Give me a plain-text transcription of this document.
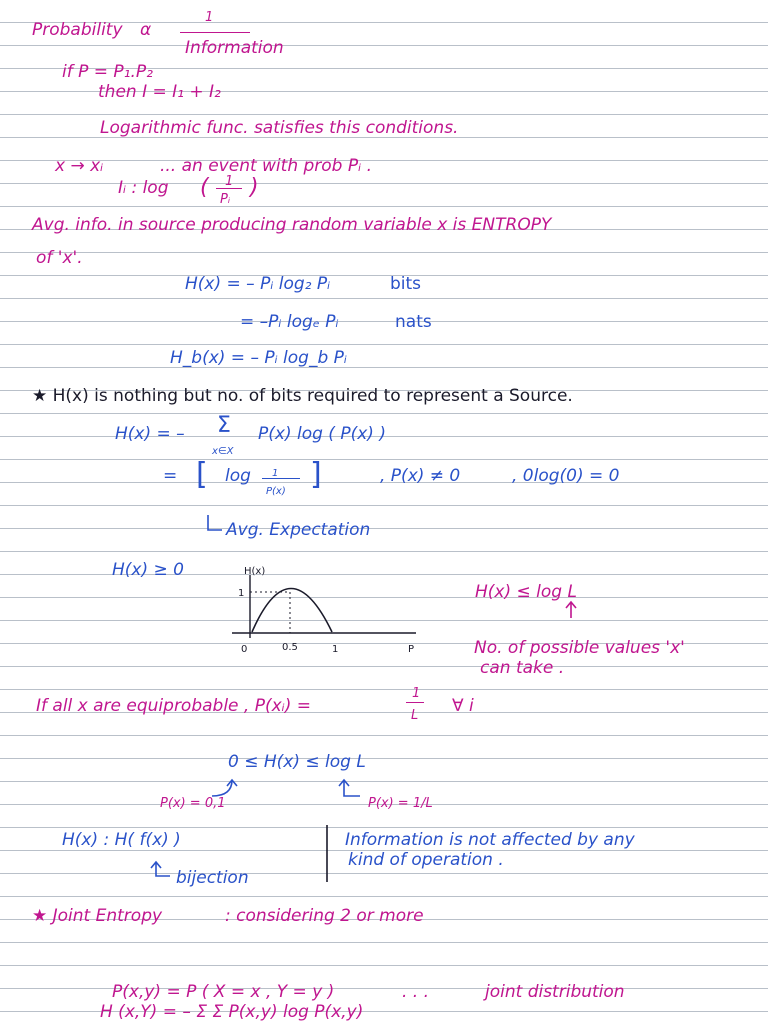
Probability α
1
Information
if P = P₁.P₂
then I = I₁ + I₂
Logarithmic func. satisfies this conditions.
x → xᵢ	... an event with prob Pᵢ .
Iᵢ : log ( 1
Pᵢ )
Avg. info. in source producing random variable x is ENTROPY
of 'x'.
H(x) = – Pᵢ log₂ Pᵢ	bits
= –Pᵢ logₑ Pᵢ	nats
H_b(x) = – Pᵢ log_b Pᵢ
★ H(x) is nothing but no. of bits required to represent a Source.
H(x) = – Σ
x∈X
P(x) log ( P(x) )
= [ log 1
P(x) ]	, P(x) ≠ 0	, 0log(0) = 0
Avg. Expectation
H(x) ≥ 0	H(x)
1
0	0.5	1	P
H(x) ≤ log L
No. of possible values 'x'
can take .
If all x are equiprobable , P(xᵢ) =
1
L ∀ i
0 ≤ H(x) ≤ log L
P(x) = 0,1	P(x) = 1/L
H(x) : H( f(x) )
bijection
Information is not affected by any
kind of operation .
★ Joint Entropy	: considering 2 or more
P(x,y) = P ( X = x , Y = y )	. . .	joint distribution
H (x,Y) = – Σ Σ P(x,y) log P(x,y)
